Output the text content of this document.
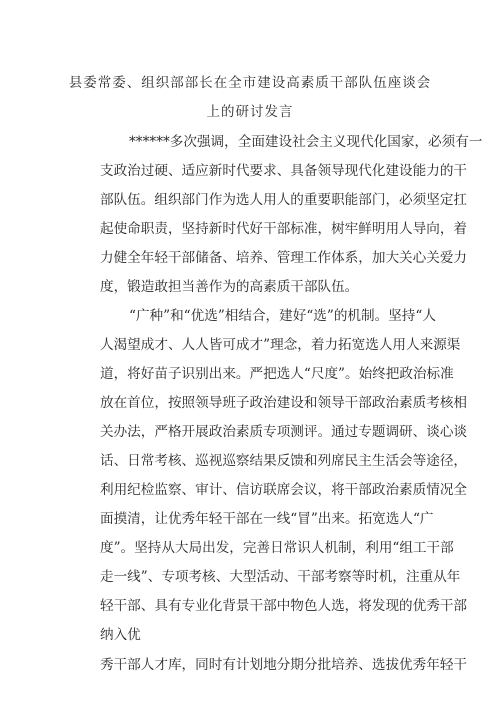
县委常委、组织部部长在全市建设高素质干部队伍座谈会
上的研讨发言
******多次强调，全面建设社会主义现代化国家，必须有一
支政治过硬、适应新时代要求、具备领导现代化建设能力的干
部队伍。组织部门作为选人用人的重要职能部门，必须坚定扛
起使命职责，坚持新时代好干部标准，树牢鲜明用人导向，着
力健全年轻干部储备、培养、管理工作体系，加大关心关爱力
度，锻造敢担当善作为的高素质干部队伍。
“广种”和“优选”相结合，建好“选”的机制。坚持“人
人渴望成才、人人皆可成才”理念，着力拓宽选人用人来源渠
道，将好苗子识别出来。严把选人“尺度”。始终把政治标准
放在首位，按照领导班子政治建设和领导干部政治素质考核相
关办法，严格开展政治素质专项测评。通过专题调研、谈心谈
话、日常考核、巡视巡察结果反馈和列席民主生活会等途径，
利用纪检监察、审计、信访联席会议，将干部政治素质情况全
面摸清，让优秀年轻干部在一线“冒”出来。拓宽选人“广
度”。坚持从大局出发，完善日常识人机制，利用“组工干部
走一线”、专项考核、大型活动、干部考察等时机，注重从年
轻干部、具有专业化背景干部中物色人选，将发现的优秀干部
纳入优
秀干部人才库，同时有计划地分期分批培养、选拔优秀年轻干
